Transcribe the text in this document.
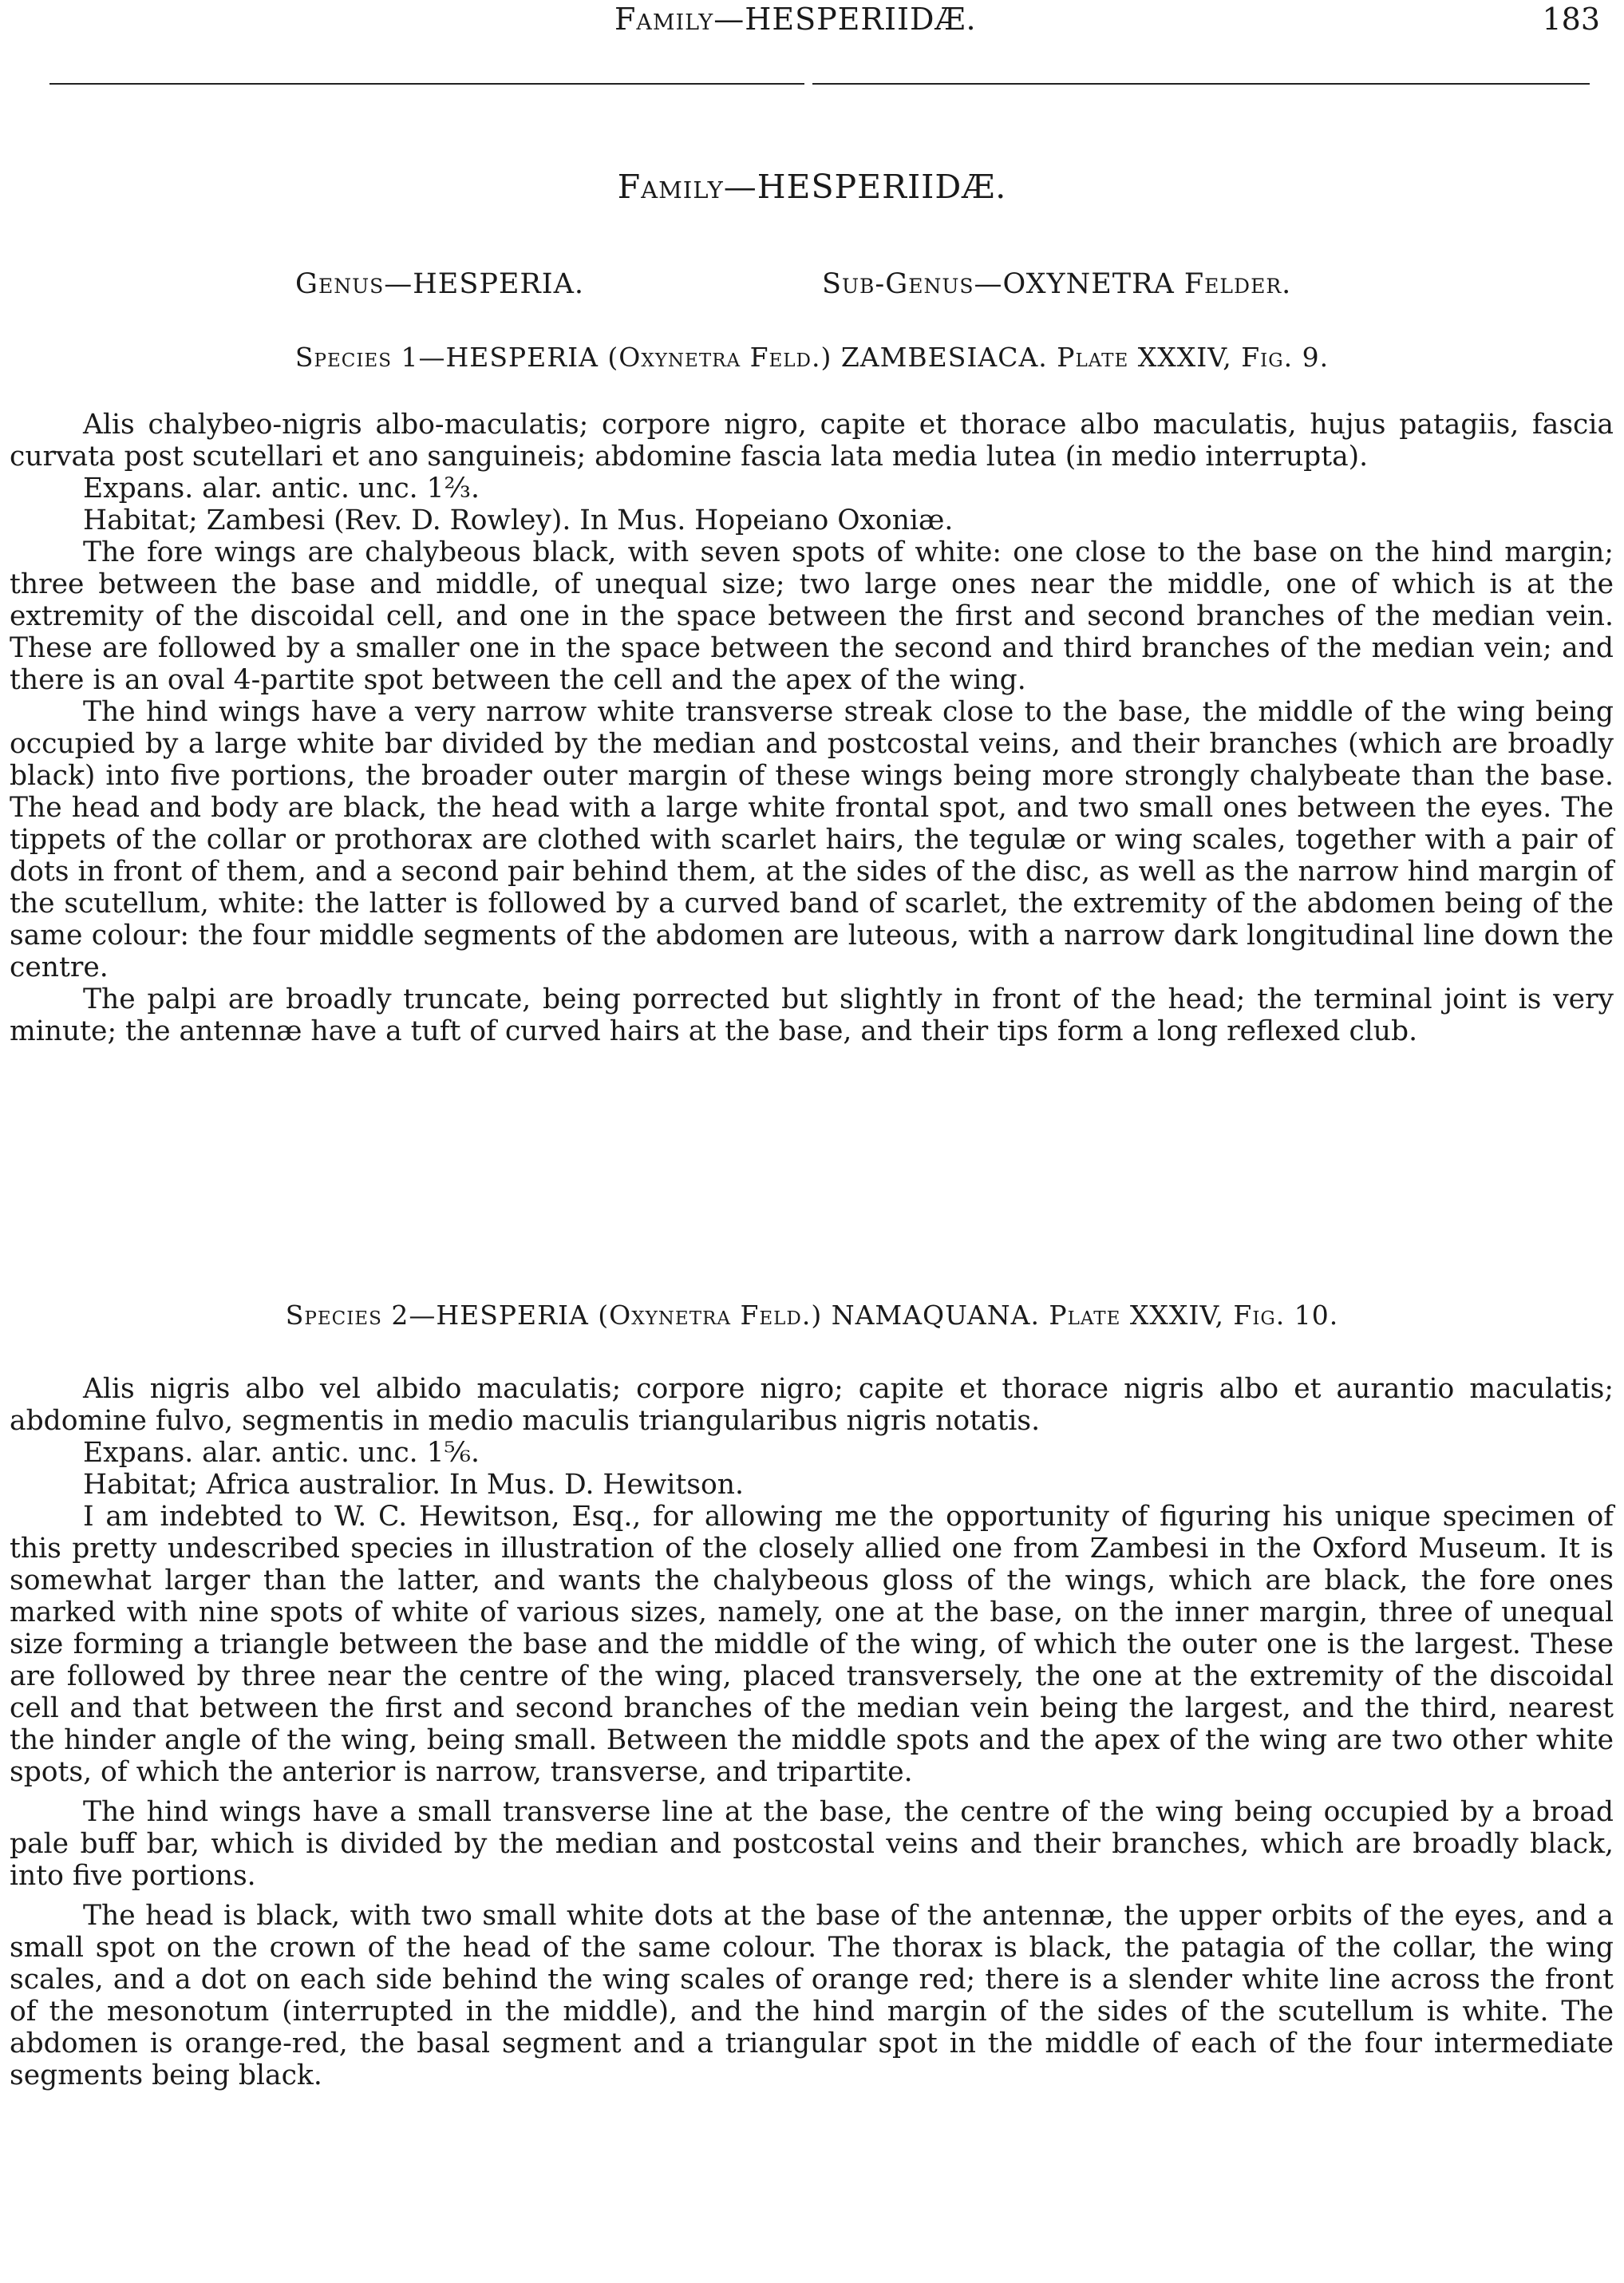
Family—HESPERIIDÆ.	183
Family—HESPERIIDÆ.
Genus—HESPERIA.	Sub-Genus—OXYNETRA Felder.
Species 1—HESPERIA (Oxynetra Feld.) ZAMBESIACA. Plate XXXIV, Fig. 9.

Alis chalybeo-nigris albo-maculatis; corpore nigro, capite et thorace albo maculatis, hujus patagiis, fascia curvata post scutellari et ano sanguineis; abdomine fascia lata media lutea (in medio interrupta).

Expans. alar. antic. unc. 1⅔.

Habitat; Zambesi (Rev. D. Rowley). In Mus. Hopeiano Oxoniæ.

The fore wings are chalybeous black, with seven spots of white: one close to the base on the hind margin; three between the base and middle, of unequal size; two large ones near the middle, one of which is at the extremity of the discoidal cell, and one in the space between the first and second branches of the median vein. These are followed by a smaller one in the space between the second and third branches of the median vein; and there is an oval 4-partite spot between the cell and the apex of the wing.

The hind wings have a very narrow white transverse streak close to the base, the middle of the wing being occupied by a large white bar divided by the median and postcostal veins, and their branches (which are broadly black) into five portions, the broader outer margin of these wings being more strongly chalybeate than the base. The head and body are black, the head with a large white frontal spot, and two small ones between the eyes. The tippets of the collar or prothorax are clothed with scarlet hairs, the tegulæ or wing scales, together with a pair of dots in front of them, and a second pair behind them, at the sides of the disc, as well as the narrow hind margin of the scutellum, white: the latter is followed by a curved band of scarlet, the extremity of the abdomen being of the same colour: the four middle segments of the abdomen are luteous, with a narrow dark longitudinal line down the centre.

The palpi are broadly truncate, being porrected but slightly in front of the head; the terminal joint is very minute; the antennæ have a tuft of curved hairs at the base, and their tips form a long reflexed club.

Species 2—HESPERIA (Oxynetra Feld.) NAMAQUANA. Plate XXXIV, Fig. 10.

Alis nigris albo vel albido maculatis; corpore nigro; capite et thorace nigris albo et aurantio maculatis; abdomine fulvo, segmentis in medio maculis triangularibus nigris notatis.

Expans. alar. antic. unc. 1⅚.

Habitat; Africa australior. In Mus. D. Hewitson.

I am indebted to W. C. Hewitson, Esq., for allowing me the opportunity of figuring his unique specimen of this pretty undescribed species in illustration of the closely allied one from Zambesi in the Oxford Museum. It is somewhat larger than the latter, and wants the chalybeous gloss of the wings, which are black, the fore ones marked with nine spots of white of various sizes, namely, one at the base, on the inner margin, three of unequal size forming a triangle between the base and the middle of the wing, of which the outer one is the largest. These are followed by three near the centre of the wing, placed transversely, the one at the extremity of the discoidal cell and that between the first and second branches of the median vein being the largest, and the third, nearest the hinder angle of the wing, being small. Between the middle spots and the apex of the wing are two other white spots, of which the anterior is narrow, transverse, and tripartite.

The hind wings have a small transverse line at the base, the centre of the wing being occupied by a broad pale buff bar, which is divided by the median and postcostal veins and their branches, which are broadly black, into five portions.

The head is black, with two small white dots at the base of the antennæ, the upper orbits of the eyes, and a small spot on the crown of the head of the same colour. The thorax is black, the patagia of the collar, the wing scales, and a dot on each side behind the wing scales of orange red; there is a slender white line across the front of the mesonotum (interrupted in the middle), and the hind margin of the sides of the scutellum is white. The abdomen is orange-red, the basal segment and a triangular spot in the middle of each of the four intermediate segments being black.
